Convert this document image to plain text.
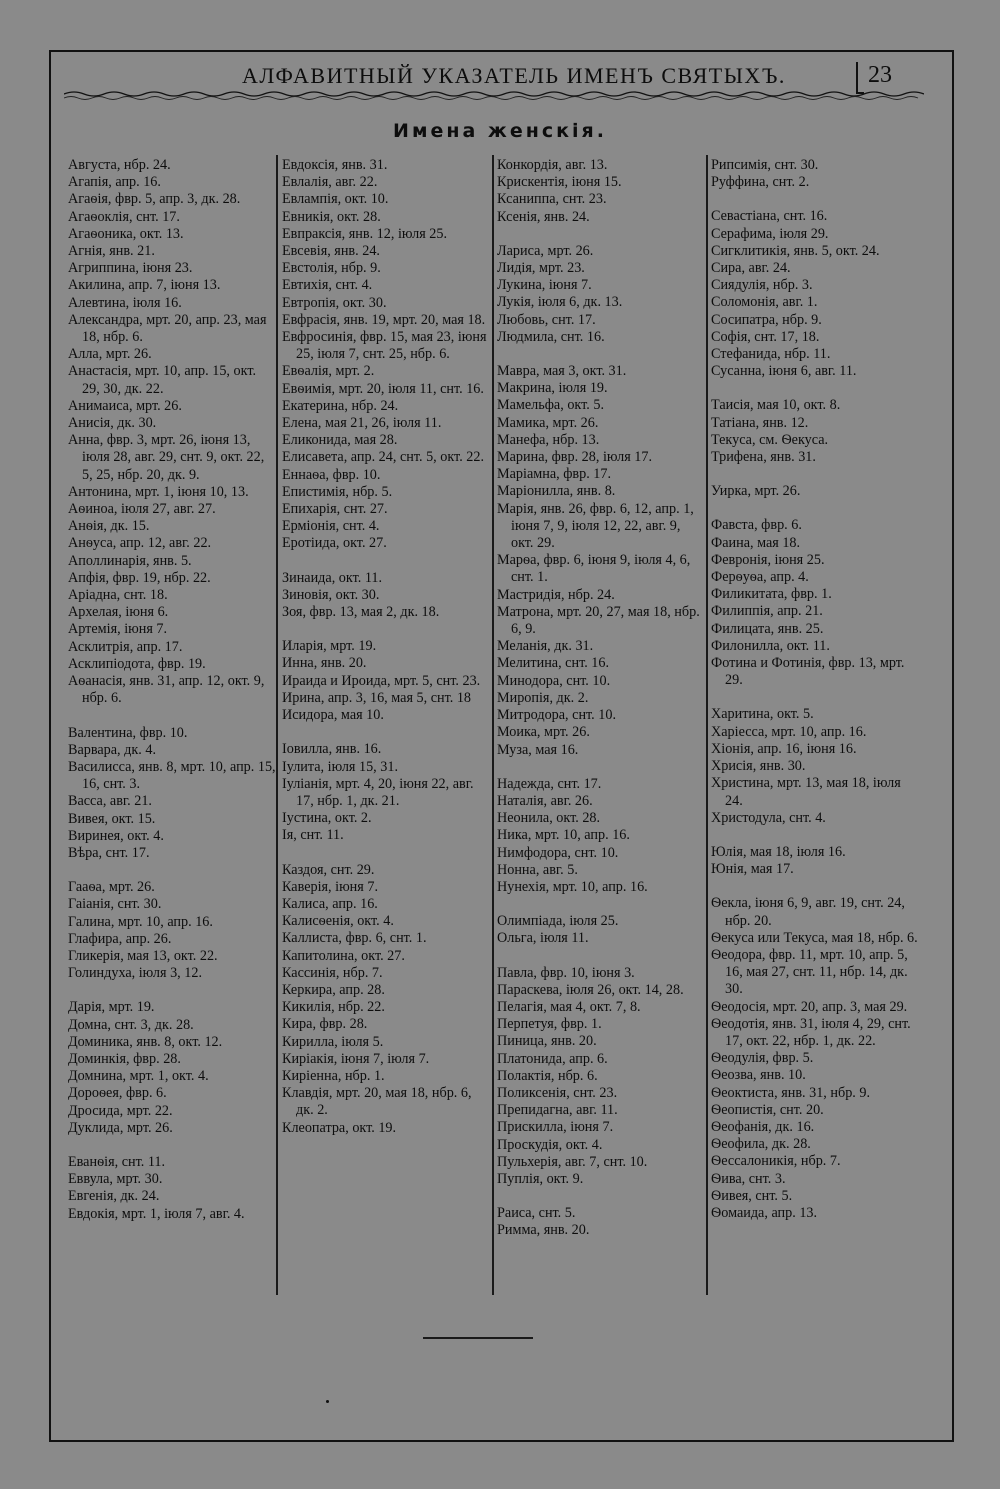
АЛФАВИТНЫЙ УКАЗАТЕЛЬ ИМЕНЪ СВЯТЫХЪ.	23
Имена женскія.

Августа, нбр. 24.

Агапія, апр. 16.

Агаѳія, фвр. 5, апр. 3, дк. 28.

Агаѳоклія, снт. 17.

Агаѳоника, окт. 13.

Агнія, янв. 21.

Агриппина, іюня 23.

Акилина, апр. 7, іюня 13.

Алевтина, іюля 16.

Александра, мрт. 20, апр. 23, мая 18, нбр. 6.

Алла, мрт. 26.

Анастасія, мрт. 10, апр. 15, окт. 29, 30, дк. 22.

Анимаиса, мрт. 26.

Анисія, дк. 30.

Анна, фвр. 3, мрт. 26, іюня 13, іюля 28, авг. 29, снт. 9, окт. 22, 5, 25, нбр. 20, дк. 9.

Антонина, мрт. 1, іюня 10, 13.

Аѳиноа, іюля 27, авг. 27.

Анѳія, дк. 15.

Анѳуса, апр. 12, авг. 22.

Аполлинарія, янв. 5.

Апфія, фвр. 19, нбр. 22.

Аріадна, снт. 18.

Архелая, іюня 6.

Артемія, іюня 7.

Асклитрія, апр. 17.

Асклипіодота, фвр. 19.

Аѳанасія, янв. 31, апр. 12, окт. 9, нбр. 6.

Валентина, фвр. 10.

Варвара, дк. 4.

Василисса, янв. 8, мрт. 10, апр. 15, 16, снт. 3.

Васса, авг. 21.

Вивея, окт. 15.

Виринея, окт. 4.

Вѣра, снт. 17.

Гааѳа, мрт. 26.

Гаіанія, снт. 30.

Галина, мрт. 10, апр. 16.

Глафира, апр. 26.

Гликерія, мая 13, окт. 22.

Голиндуха, іюля 3, 12.

Дарія, мрт. 19.

Домна, снт. 3, дк. 28.

Доминика, янв. 8, окт. 12.

Доминкія, фвр. 28.

Домнина, мрт. 1, окт. 4.

Дороѳея, фвр. 6.

Дросида, мрт. 22.

Дуклида, мрт. 26.

Еванѳія, снт. 11.

Еввула, мрт. 30.

Евгенія, дк. 24.

Евдокія, мрт. 1, іюля 7, авг. 4.

Евдоксія, янв. 31.

Евлалія, авг. 22.

Евлампія, окт. 10.

Евникія, окт. 28.

Евпраксія, янв. 12, іюля 25.

Евсевія, янв. 24.

Евстолія, нбр. 9.

Евтихія, снт. 4.

Евтропія, окт. 30.

Евфрасія, янв. 19, мрт. 20, мая 18.

Евфросинія, фвр. 15, мая 23, іюня 25, іюля 7, снт. 25, нбр. 6.

Евѳалія, мрт. 2.

Евѳимія, мрт. 20, іюля 11, снт. 16.

Екатерина, нбр. 24.

Елена, мая 21, 26, іюля 11.

Еликонида, мая 28.

Елисавета, апр. 24, снт. 5, окт. 22.

Еннаѳа, фвр. 10.

Епистимія, нбр. 5.

Епихарія, снт. 27.

Ерміонія, снт. 4.

Еротіида, окт. 27.

Зинаида, окт. 11.

Зиновія, окт. 30.

Зоя, фвр. 13, мая 2, дк. 18.

Иларія, мрт. 19.

Инна, янв. 20.

Ираида и Ироида, мрт. 5, снт. 23.

Ирина, апр. 3, 16, мая 5, снт. 18

Исидора, мая 10.

Іовилла, янв. 16.

Іулита, іюля 15, 31.

Іуліанія, мрт. 4, 20, іюня 22, авг. 17, нбр. 1, дк. 21.

Іустина, окт. 2.

Ія, снт. 11.

Каздоя, снт. 29.

Каверія, іюня 7.

Калиса, апр. 16.

Калисѳенія, окт. 4.

Каллиста, фвр. 6, снт. 1.

Капитолина, окт. 27.

Кассинія, нбр. 7.

Керкира, апр. 28.

Кикилія, нбр. 22.

Кира, фвр. 28.

Кирилла, іюля 5.

Киріакія, іюня 7, іюля 7.

Киріенна, нбр. 1.

Клавдія, мрт. 20, мая 18, нбр. 6, дк. 2.

Клеопатра, окт. 19.

Конкордія, авг. 13.

Крискентія, іюня 15.

Ксаниппа, снт. 23.

Ксенія, янв. 24.

Лариса, мрт. 26.

Лидія, мрт. 23.

Лукина, іюня 7.

Лукія, іюля 6, дк. 13.

Любовь, снт. 17.

Людмила, снт. 16.

Мавра, мая 3, окт. 31.

Макрина, іюля 19.

Мамельфа, окт. 5.

Мамика, мрт. 26.

Манефа, нбр. 13.

Марина, фвр. 28, іюля 17.

Маріамна, фвр. 17.

Маріонилла, янв. 8.

Марія, янв. 26, фвр. 6, 12, апр. 1, іюня 7, 9, іюля 12, 22, авг. 9, окт. 29.

Марѳа, фвр. 6, іюня 9, іюля 4, 6, снт. 1.

Мастридія, нбр. 24.

Матрона, мрт. 20, 27, мая 18, нбр. 6, 9.

Меланія, дк. 31.

Мелитина, снт. 16.

Минодора, снт. 10.

Миропія, дк. 2.

Митродора, снт. 10.

Моика, мрт. 26.

Муза, мая 16.

Надежда, снт. 17.

Наталія, авг. 26.

Неонила, окт. 28.

Ника, мрт. 10, апр. 16.

Нимфодора, снт. 10.

Нонна, авг. 5.

Нунехія, мрт. 10, апр. 16.

Олимпіада, іюля 25.

Ольга, іюля 11.

Павла, фвр. 10, іюня 3.

Параскева, іюля 26, окт. 14, 28.

Пелагія, мая 4, окт. 7, 8.

Перпетуя, фвр. 1.

Пиница, янв. 20.

Платонида, апр. 6.

Полактія, нбр. 6.

Поликсенія, снт. 23.

Препидагна, авг. 11.

Прискилла, іюня 7.

Проскудія, окт. 4.

Пульхерія, авг. 7, снт. 10.

Пуплія, окт. 9.

Раиса, снт. 5.

Римма, янв. 20.

Рипсимія, снт. 30.

Руффина, снт. 2.

Севастіана, снт. 16.

Серафима, іюля 29.

Сигклитикія, янв. 5, окт. 24.

Сира, авг. 24.

Сиядулія, нбр. 3.

Соломонія, авг. 1.

Сосипатра, нбр. 9.

Софія, снт. 17, 18.

Стефанида, нбр. 11.

Сусанна, іюня 6, авг. 11.

Таисія, мая 10, окт. 8.

Татіана, янв. 12.

Текуса, см. Ѳекуса.

Трифена, янв. 31.

Уирка, мрт. 26.

Фавста, фвр. 6.

Фаина, мая 18.

Февронія, іюня 25.

Ферѳуѳа, апр. 4.

Филикитата, фвр. 1.

Филиппія, апр. 21.

Филицата, янв. 25.

Филонилла, окт. 11.

Фотина и Фотинія, фвр. 13, мрт. 29.

Харитина, окт. 5.

Харіесса, мрт. 10, апр. 16.

Хіонія, апр. 16, іюня 16.

Хрисія, янв. 30.

Христина, мрт. 13, мая 18, іюля 24.

Христодула, снт. 4.

Юлія, мая 18, іюля 16.

Юнія, мая 17.

Ѳекла, іюня 6, 9, авг. 19, снт. 24, нбр. 20.

Ѳекуса или Текуса, мая 18, нбр. 6.

Ѳеодора, фвр. 11, мрт. 10, апр. 5, 16, мая 27, снт. 11, нбр. 14, дк. 30.

Ѳеодосія, мрт. 20, апр. 3, мая 29.

Ѳеодотія, янв. 31, іюля 4, 29, снт. 17, окт. 22, нбр. 1, дк. 22.

Ѳеодулія, фвр. 5.

Ѳеозва, янв. 10.

Ѳеоктиста, янв. 31, нбр. 9.

Ѳеопистія, снт. 20.

Ѳеофанія, дк. 16.

Ѳеофила, дк. 28.

Ѳессалоникія, нбр. 7.

Ѳива, снт. 3.

Ѳивея, снт. 5.

Ѳомаида, апр. 13.
